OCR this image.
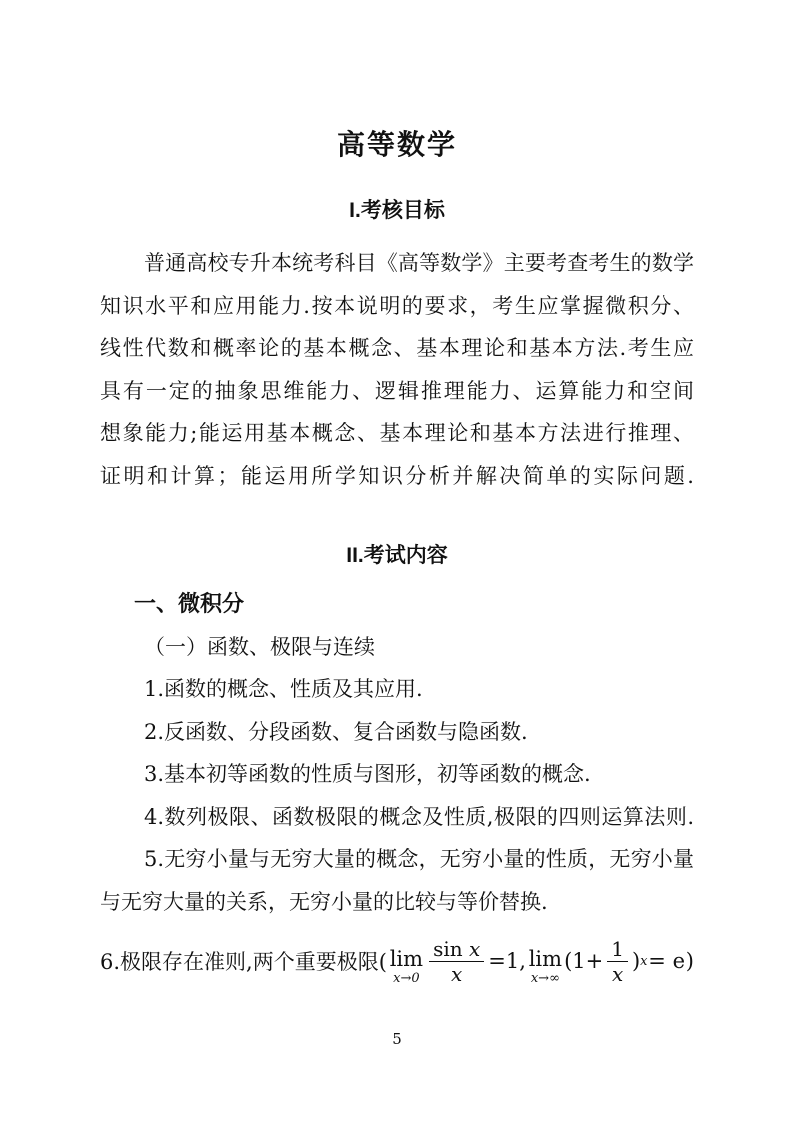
高等数学
I.考核目标
普通高校专升本统考科目《高等数学》主要考查考生的数学
知识水平和应用能力.按本说明的要求，考生应掌握微积分、
线性代数和概率论的基本概念、基本理论和基本方法.考生应
具有一定的抽象思维能力、逻辑推理能力、运算能力和空间
想象能力;能运用基本概念、基本理论和基本方法进行推理、
证明和计算；能运用所学知识分析并解决简单的实际问题.
II.考试内容
一、微积分
（一）函数、极限与连续
1.函数的概念、性质及其应用.
2.反函数、分段函数、复合函数与隐函数.
3.基本初等函数的性质与图形，初等函数的概念.
4.数列极限、函数极限的概念及性质,极限的四则运算法则.
5.无穷小量与无穷大量的概念，无穷小量的性质，无穷小量
与无穷大量的关系，无穷小量的比较与等价替换.
6.极限存在准则,两个重要极限( lim
$x\to 0 \frac{\text{sin x}}{x} =1$ , lim
x→∞
($1+ \frac{1}{x}$ ) x = e )
5
